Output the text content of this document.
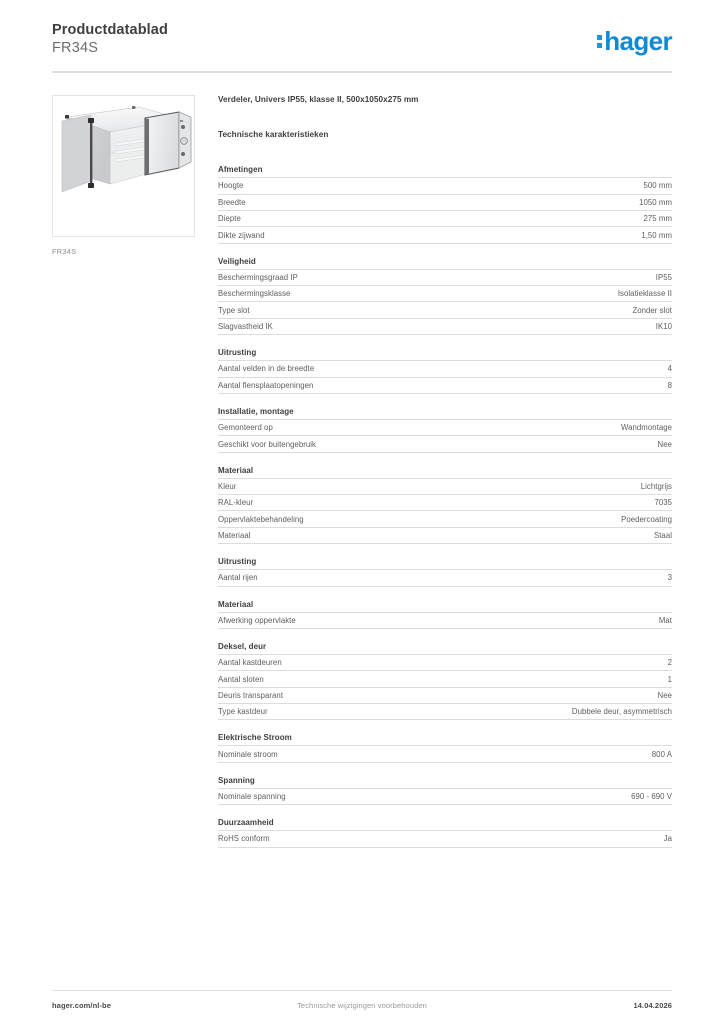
Productdatablad
FR34S	hager
FR34S
Verdeler, Univers IP55, klasse II, 500x1050x275 mm
Technische karakteristieken
Afmetingen
Hoogte	500 mm
Breedte	1050 mm
Diepte	275 mm
Dikte zijwand	1,50 mm
Veiligheid
Beschermingsgraad IP	IP55
Beschermingsklasse	Isolatieklasse II
Type slot	Zonder slot
Slagvastheid IK	IK10
Uitrusting
Aantal velden in de breedte	4
Aantal flensplaatopeningen	8
Installatie, montage
Gemonteerd op	Wandmontage
Geschikt voor buitengebruik	Nee
Materiaal
Kleur	Lichtgrijs
RAL-kleur	7035
Oppervlaktebehandeling	Poedercoating
Materiaal	Staal
Uitrusting
Aantal rijen	3
Materiaal
Afwerking oppervlakte	Mat
Deksel, deur
Aantal kastdeuren	2
Aantal sloten	1
Deuris transparant	Nee
Type kastdeur	Dubbele deur, asymmetrisch
Elektrische Stroom
Nominale stroom	800 A
Spanning
Nominale spanning	690 - 690 V
Duurzaamheid
RoHS conform	Ja
hager.com/nl-be	Technische wijzigingen voorbehouden	14.04.2026
